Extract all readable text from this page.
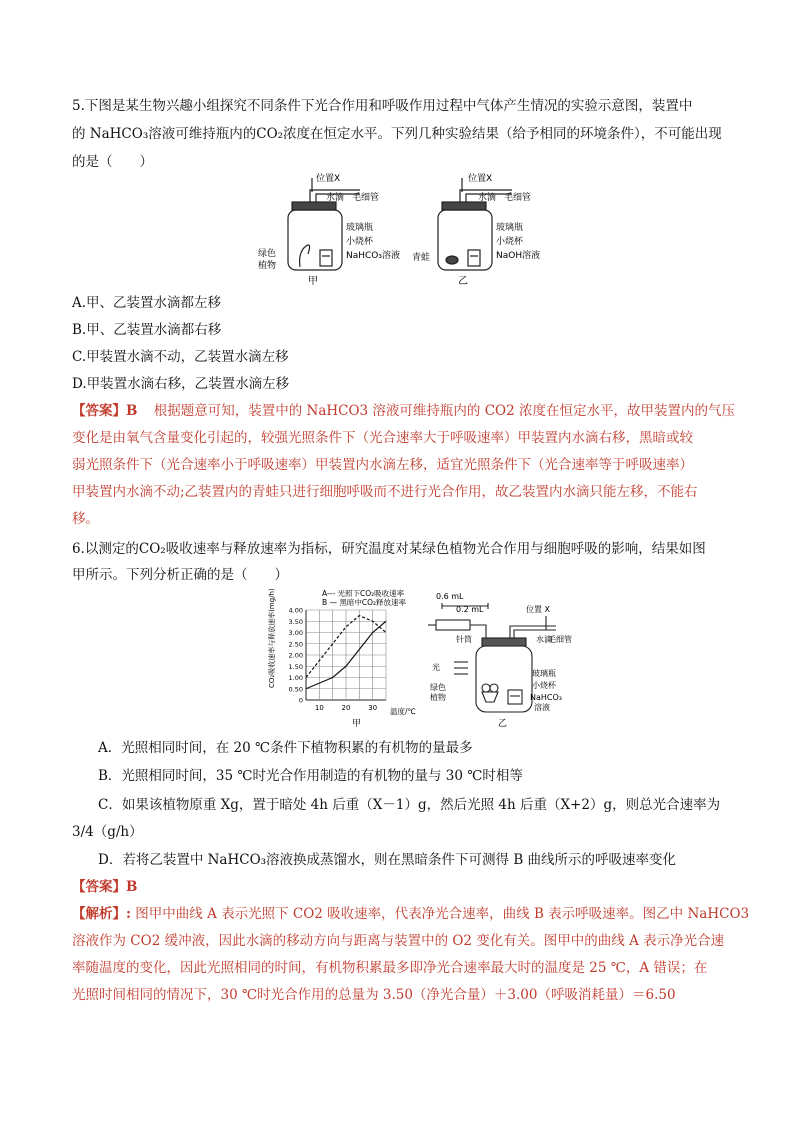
5.下图是某生物兴趣小组探究不同条件下光合作用和呼吸作用过程中气体产生情况的实验示意图，装置中
的 NaHCO₃溶液可维持瓶内的CO₂浓度在恒定水平。下列几种实验结果（给予相同的环境条件），不可能出现
的是（　　）
位置X
水滴 毛细管
玻璃瓶
小烧杯
NaHCO₃溶液
绿色
植物
甲
位置X
水滴 毛细管
玻璃瓶
小烧杯
NaOH溶液
青蛙
乙
A.甲、乙装置水滴都左移
B.甲、乙装置水滴都右移
C.甲装置水滴不动，乙装置水滴左移
D.甲装置水滴右移，乙装置水滴左移
【答案】B 根据题意可知，装置中的 NaHCO3 溶液可维持瓶内的 CO2 浓度在恒定水平，故甲装置内的气压
变化是由氧气含量变化引起的，较强光照条件下（光合速率大于呼吸速率）甲装置内水滴右移，黑暗或较
弱光照条件下（光合速率小于呼吸速率）甲装置内水滴左移，适宜光照条件下（光合速率等于呼吸速率）
甲装置内水滴不动;乙装置内的青蛙只进行细胞呼吸而不进行光合作用，故乙装置内水滴只能左移，不能右
移。
6.以测定的CO₂吸收速率与释放速率为指标，研究温度对某绿色植物光合作用与细胞呼吸的影响，结果如图
甲所示。下列分析正确的是（　　）
4.00
3.50
3.00
2.50
2.00
1.50
1.00
0.50
0
10	20	30
A--- 光照下CO₂吸收速率
B — 黑暗中CO₂释放速率
温度/℃
甲
CO₂吸收速率与释放速率(mg/h)	0.6 mL
0.2 mL	位置 X
针筒	水滴
毛细管
光
玻璃瓶
绿色
植物
小烧杯
NaHCO₃
溶液
乙
A．光照相同时间，在 20 ℃条件下植物积累的有机物的量最多
B．光照相同时间，35 ℃时光合作用制造的有机物的量与 30 ℃时相等
C．如果该植物原重 Xg，置于暗处 4h 后重（X－1）g，然后光照 4h 后重（X+2）g，则总光合速率为
3/4（g/h）
D．若将乙装置中 NaHCO₃溶液换成蒸馏水，则在黑暗条件下可测得 B 曲线所示的呼吸速率变化
【答案】B
【解析】: 图甲中曲线 A 表示光照下 CO2 吸收速率，代表净光合速率，曲线 B 表示呼吸速率。图乙中 NaHCO3
溶液作为 CO2 缓冲液，因此水滴的移动方向与距离与装置中的 O2 变化有关。图甲中的曲线 A 表示净光合速
率随温度的变化，因此光照相同的时间，有机物积累最多即净光合速率最大时的温度是 25 ℃，A 错误；在
光照时间相同的情况下，30 ℃时光合作用的总量为 3.50（净光合量）＋3.00（呼吸消耗量）＝6.50
